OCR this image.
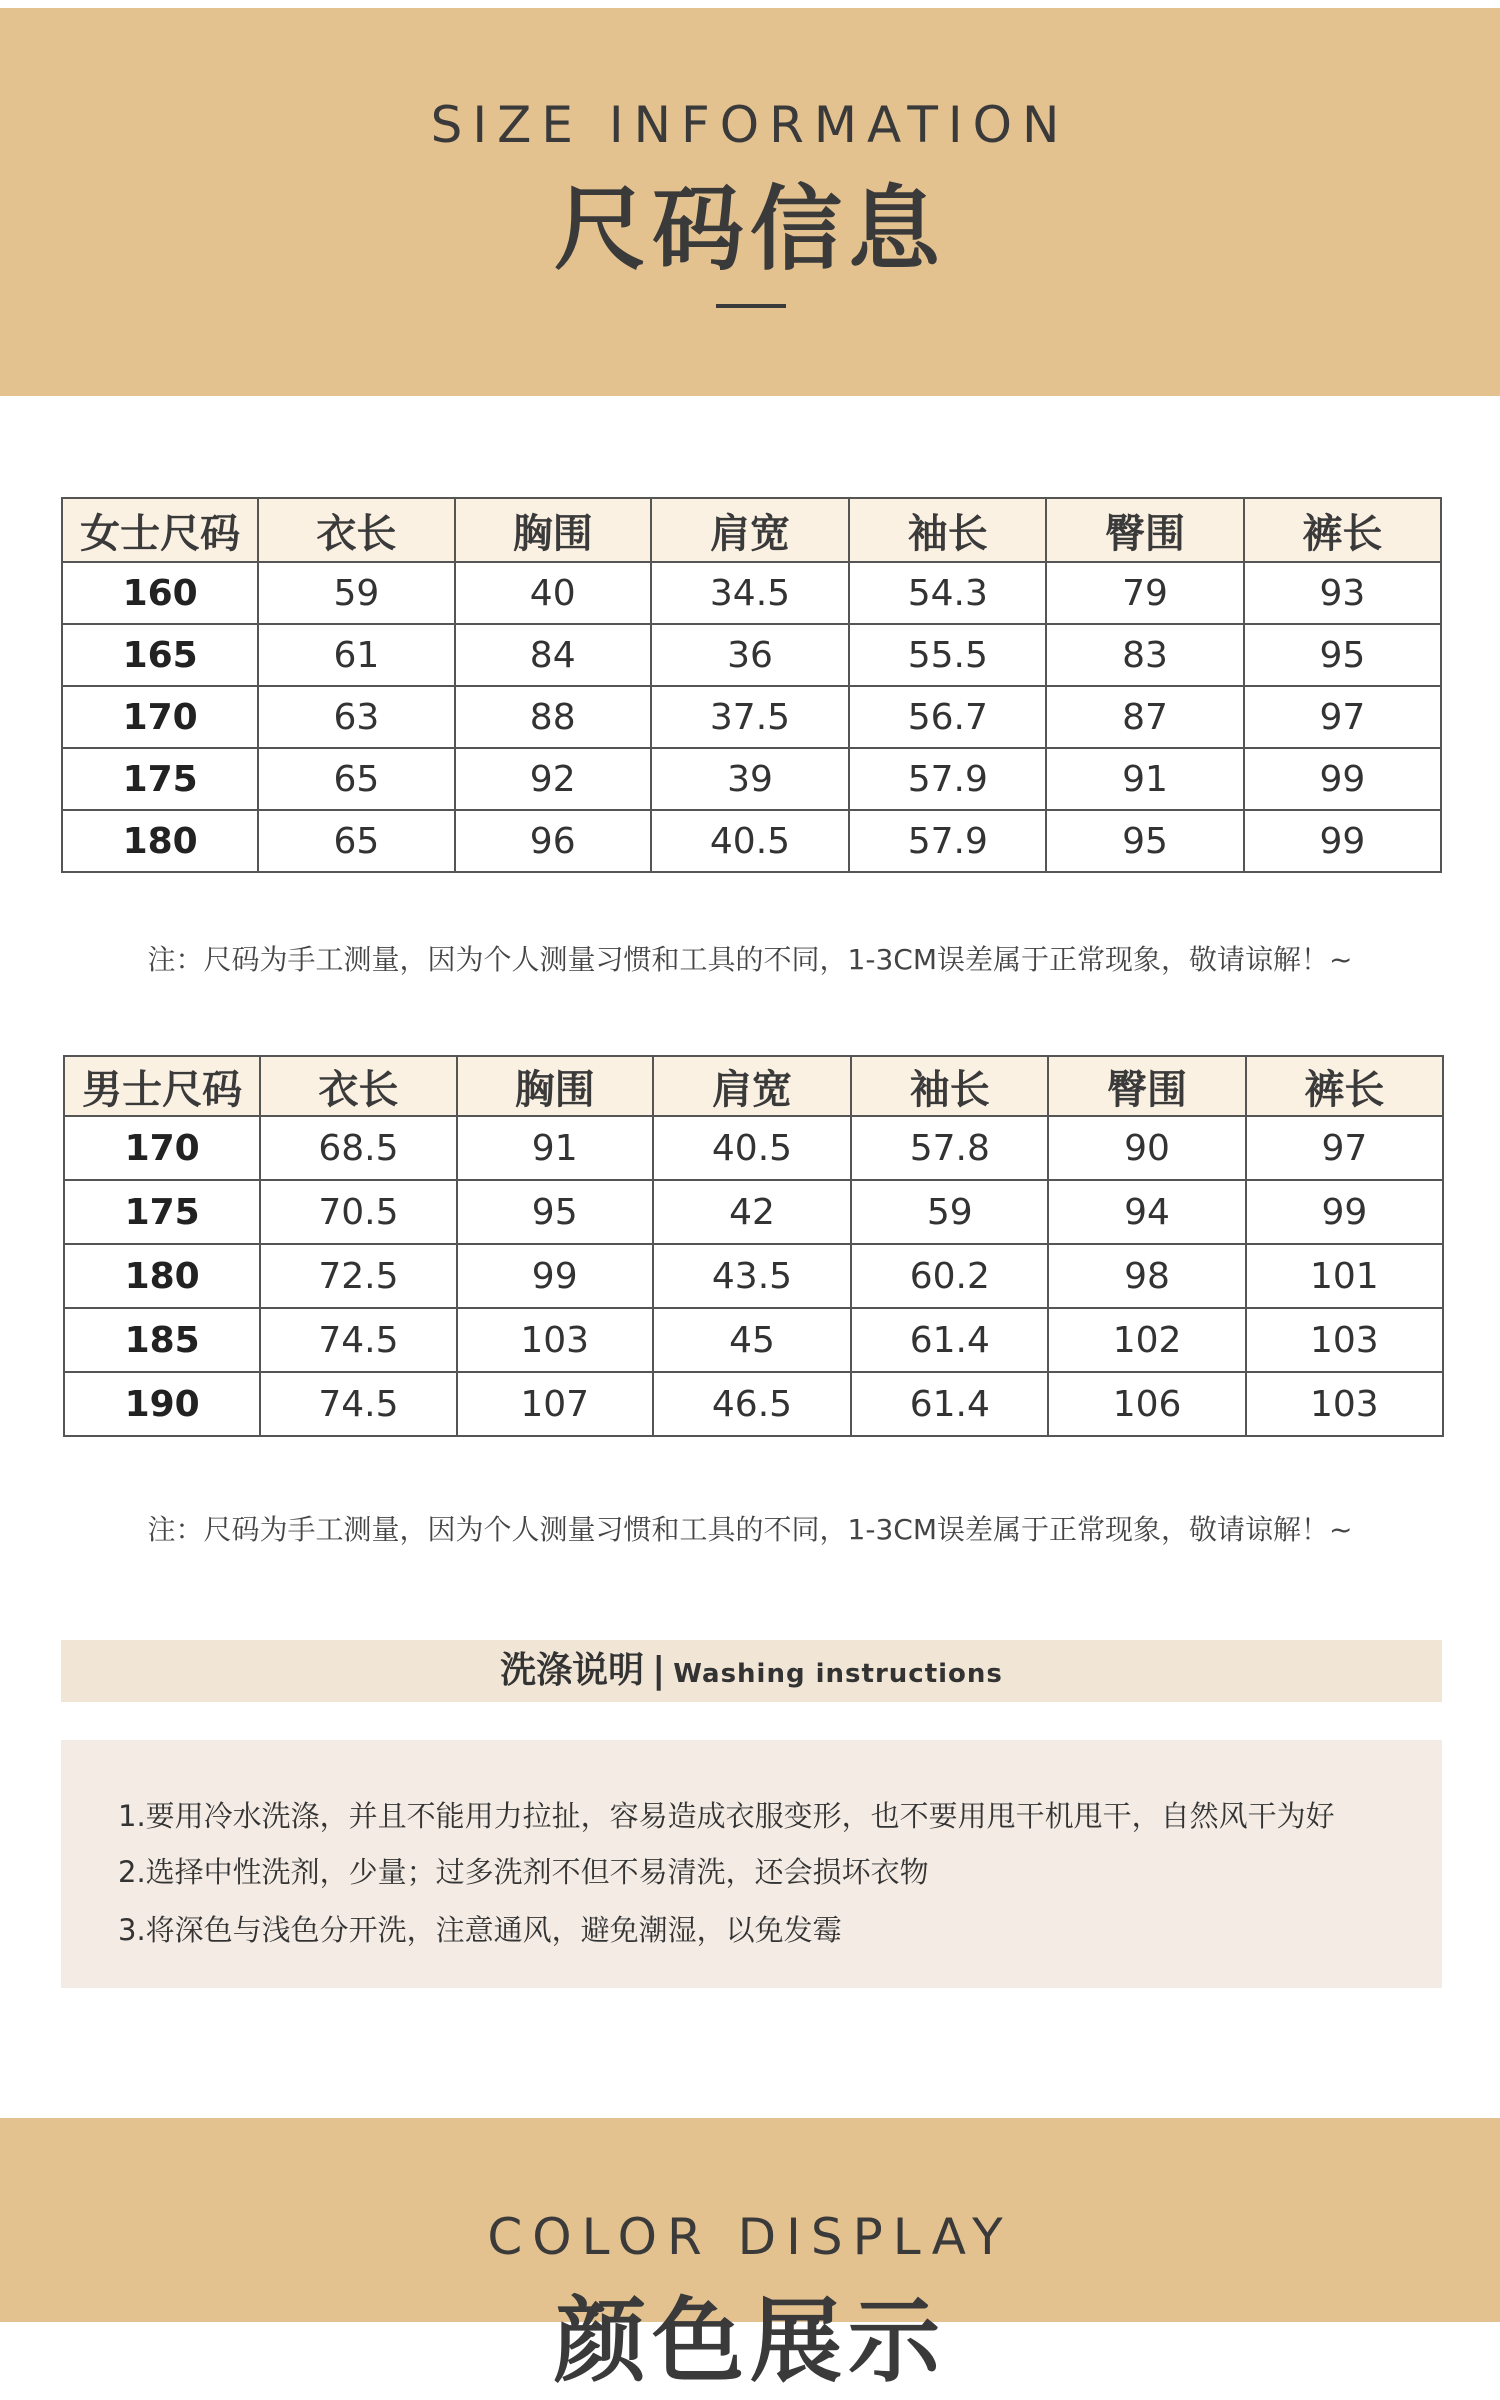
SIZE INFORMATION
尺码信息
女士尺码	衣长	胸围	肩宽	袖长	臀围	裤长
160	59	40	34.5	54.3	79	93
165	61	84	36	55.5	83	95
170	63	88	37.5	56.7	87	97
175	65	92	39	57.9	91	99
180	65	96	40.5	57.9	95	99
注：尺码为手工测量，因为个人测量习惯和工具的不同，1-3CM误差属于正常现象，敬请谅解！~
男士尺码	衣长	胸围	肩宽	袖长	臀围	裤长
170	68.5	91	40.5	57.8	90	97
175	70.5	95	42	59	94	99
180	72.5	99	43.5	60.2	98	101
185	74.5	103	45	61.4	102	103
190	74.5	107	46.5	61.4	106	103
注：尺码为手工测量，因为个人测量习惯和工具的不同，1-3CM误差属于正常现象，敬请谅解！~
洗涤说明 | Washing instructions
1.要用冷水洗涤，并且不能用力拉扯，容易造成衣服变形，也不要用甩干机甩干，自然风干为好
2.选择中性洗剂，少量；过多洗剂不但不易清洗，还会损坏衣物
3.将深色与浅色分开洗，注意通风，避免潮湿，以免发霉
COLOR DISPLAY
颜色展示
